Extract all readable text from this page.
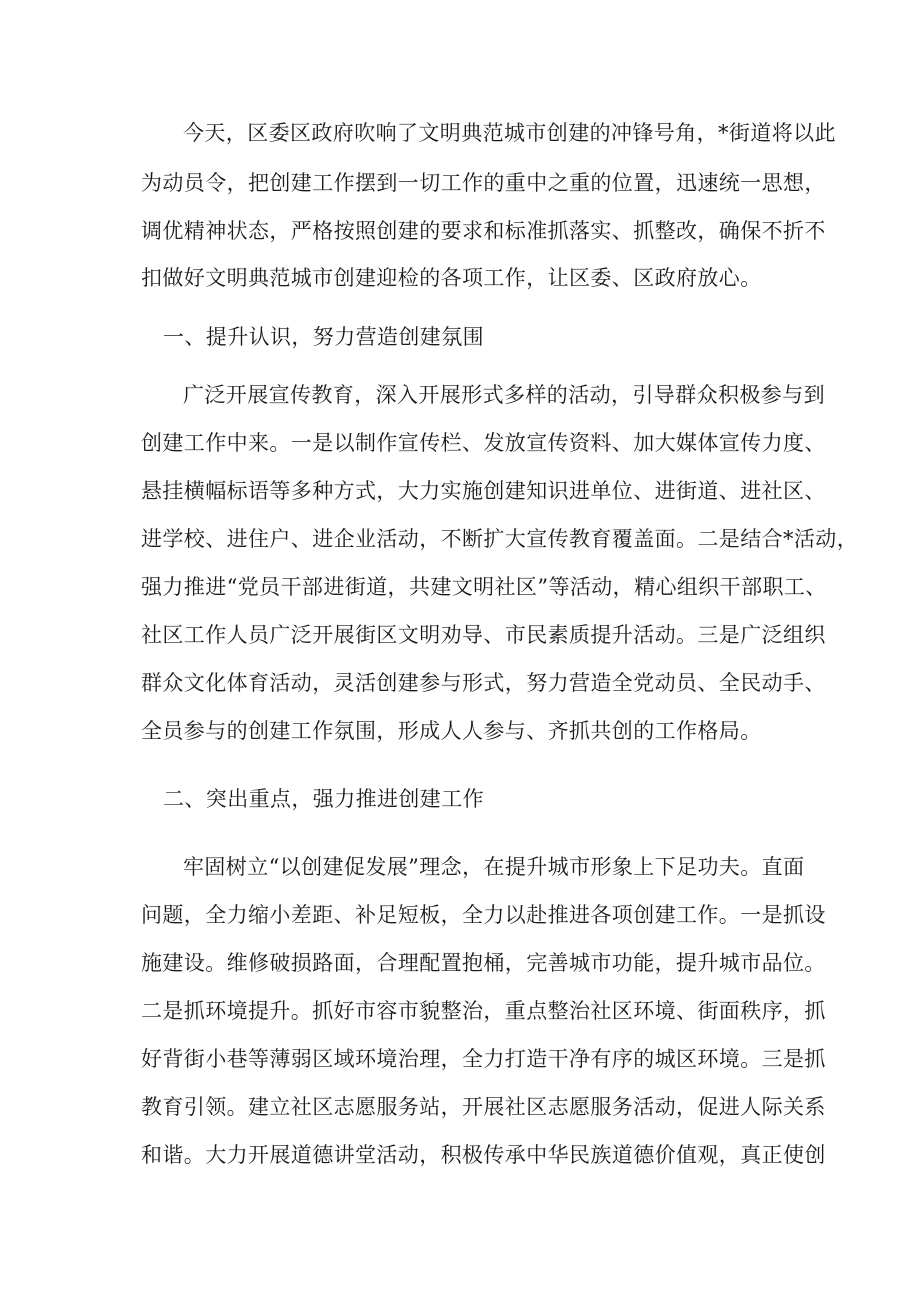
今天，区委区政府吹响了文明典范城市创建的冲锋号角，*街道将以此

为动员令，把创建工作摆到一切工作的重中之重的位置，迅速统一思想，

调优精神状态，严格按照创建的要求和标准抓落实、抓整改，确保不折不

扣做好文明典范城市创建迎检的各项工作，让区委、区政府放心。

一、提升认识，努力营造创建氛围

广泛开展宣传教育，深入开展形式多样的活动，引导群众积极参与到

创建工作中来。一是以制作宣传栏、发放宣传资料、加大媒体宣传力度、

悬挂横幅标语等多种方式，大力实施创建知识进单位、进街道、进社区、

进学校、进住户、进企业活动，不断扩大宣传教育覆盖面。二是结合*活动，

强力推进“党员干部进街道，共建文明社区”等活动，精心组织干部职工、

社区工作人员广泛开展街区文明劝导、市民素质提升活动。三是广泛组织

群众文化体育活动，灵活创建参与形式，努力营造全党动员、全民动手、

全员参与的创建工作氛围，形成人人参与、齐抓共创的工作格局。

二、突出重点，强力推进创建工作

牢固树立“以创建促发展”理念，在提升城市形象上下足功夫。直面

问题，全力缩小差距、补足短板，全力以赴推进各项创建工作。一是抓设

施建设。维修破损路面，合理配置抱桶，完善城市功能，提升城市品位。

二是抓环境提升。抓好市容市貌整治，重点整治社区环境、街面秩序，抓

好背街小巷等薄弱区域环境治理，全力打造干净有序的城区环境。三是抓

教育引领。建立社区志愿服务站，开展社区志愿服务活动，促进人际关系

和谐。大力开展道德讲堂活动，积极传承中华民族道德价值观，真正使创
